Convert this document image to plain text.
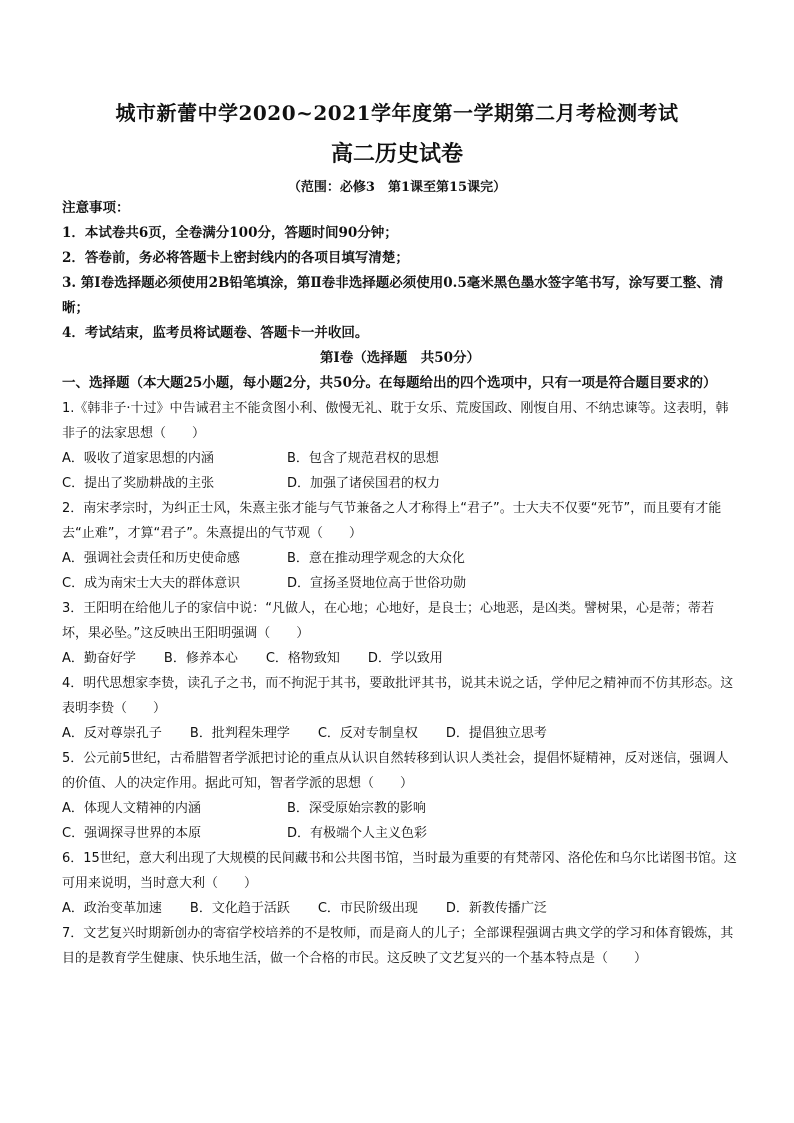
城市新蕾中学2020~2021学年度第一学期第二月考检测考试
高二历史试卷
（范围：必修3　第1课至第15课完）
注意事项：
1．本试卷共6页，全卷满分100分，答题时间90分钟；
2．答卷前，务必将答题卡上密封线内的各项目填写清楚；
3. 第Ⅰ卷选择题必须使用2B铅笔填涂，第Ⅱ卷非选择题必须使用0.5毫米黑色墨水签字笔书写，涂写要工整、清晰；
4．考试结束，监考员将试题卷、答题卡一并收回。
第Ⅰ卷（选择题　共50分）
一、选择题（本大题25小题，每小题2分，共50分。在每题给出的四个选项中，只有一项是符合题目要求的）
1.《韩非子·十过》中告诫君主不能贪图小利、傲慢无礼、耽于女乐、荒废国政、刚愎自用、不纳忠谏等。这表明，韩非子的法家思想（　　）
A．吸收了道家思想的内涵	B．包含了规范君权的思想
C．提出了奖励耕战的主张	D．加强了诸侯国君的权力
2．南宋孝宗时，为纠正士风，朱熹主张才能与气节兼备之人才称得上“君子”。士大夫不仅要“死节”，而且要有才能去“止难”，才算“君子”。朱熹提出的气节观（　　）
A．强调社会责任和历史使命感	B．意在推动理学观念的大众化
C．成为南宋士大夫的群体意识	D．宣扬圣贤地位高于世俗功勋
3．王阳明在给他儿子的家信中说：“凡做人，在心地；心地好，是良士；心地恶，是凶类。譬树果，心是蒂；蒂若坏，果必坠。”这反映出王阳明强调（　　）
A．勤奋好学 B．修养本心 C．格物致知 D．学以致用
4．明代思想家李贽，读孔子之书，而不拘泥于其书，要敢批评其书，说其未说之话，学仲尼之精神而不仿其形态。这表明李贽（　　）
A．反对尊崇孔子 B．批判程朱理学 C．反对专制皇权 D．提倡独立思考
5．公元前5世纪，古希腊智者学派把讨论的重点从认识自然转移到认识人类社会，提倡怀疑精神，反对迷信，强调人的价值、人的决定作用。据此可知，智者学派的思想（　　）
A．体现人文精神的内涵	B．深受原始宗教的影响
C．强调探寻世界的本原	D．有极端个人主义色彩
6．15世纪，意大利出现了大规模的民间藏书和公共图书馆，当时最为重要的有梵蒂冈、洛伦佐和乌尔比诺图书馆。这可用来说明，当时意大利（　　）
A．政治变革加速 B．文化趋于活跃 C．市民阶级出现 D．新教传播广泛
7．文艺复兴时期新创办的寄宿学校培养的不是牧师，而是商人的儿子；全部课程强调古典文学的学习和体育锻炼，其目的是教育学生健康、快乐地生活，做一个合格的市民。这反映了文艺复兴的一个基本特点是（　　）
